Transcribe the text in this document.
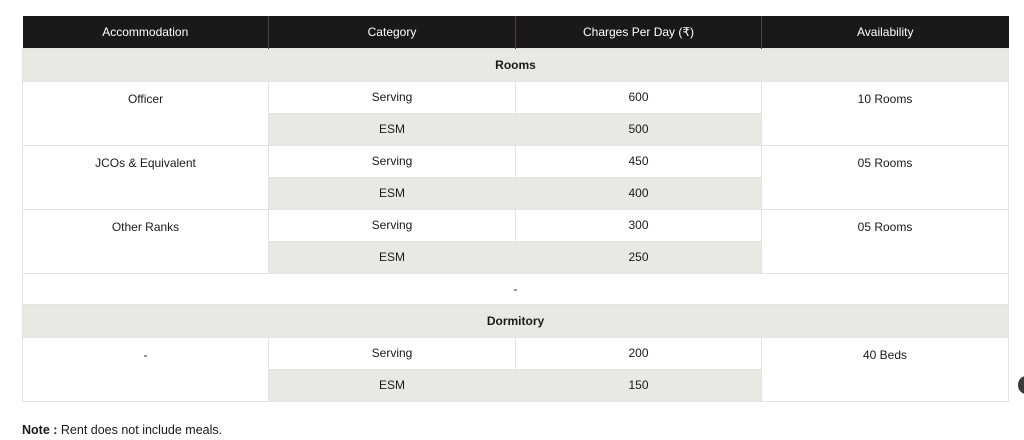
Accommodation	Category	Charges Per Day (₹)	Availability
Rooms			
Officer	Serving	600	10 Rooms
	ESM	500	
JCOs & Equivalent	Serving	450	05 Rooms
	ESM	400	
Other Ranks	Serving	300	05 Rooms
	ESM	250	
-			
Dormitory			
-	Serving	200	40 Beds
	ESM	150	

Note : Rent does not include meals.
